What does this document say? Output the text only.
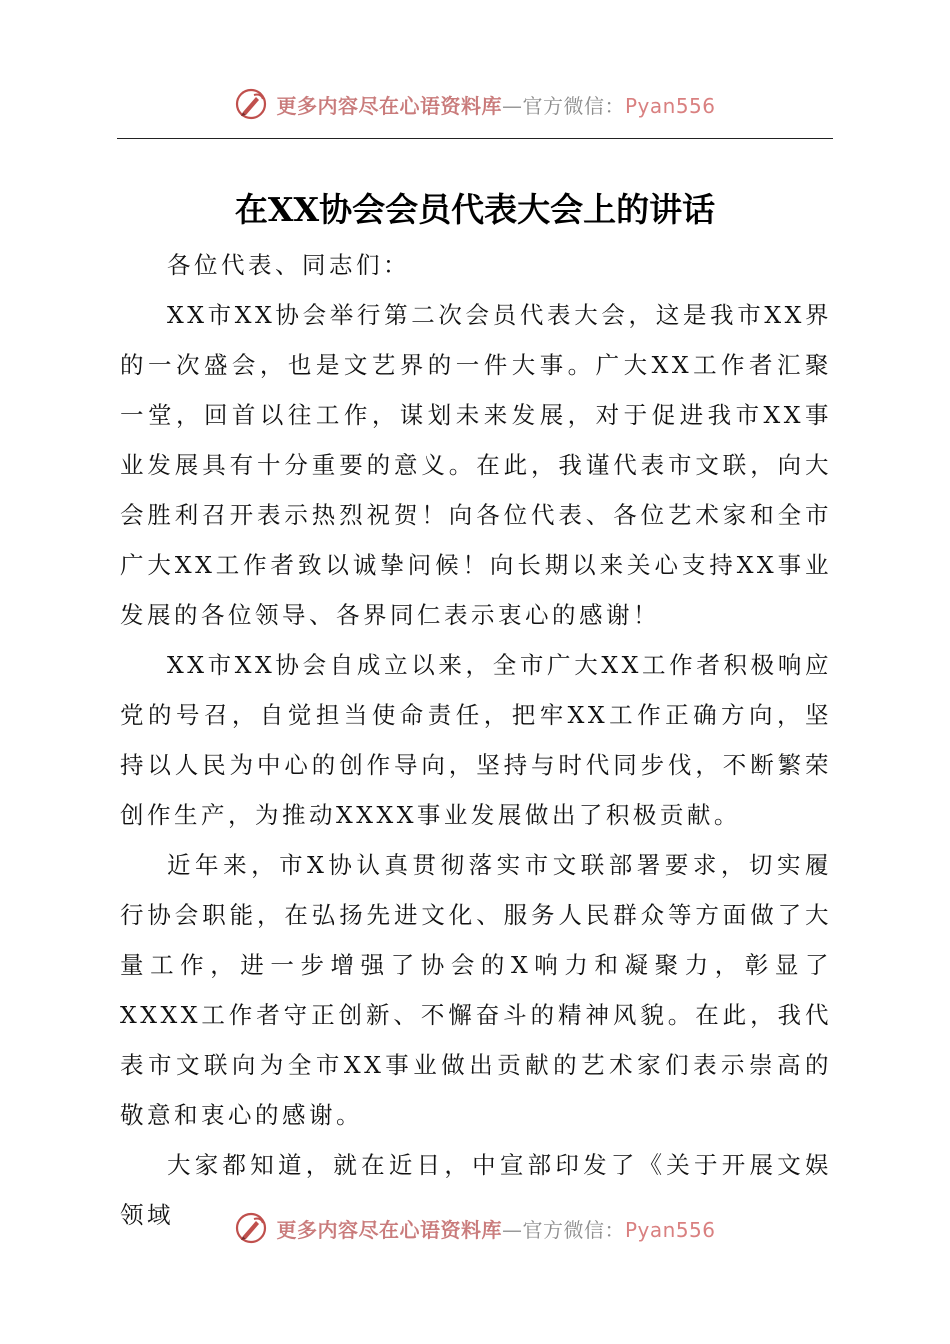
更多内容尽在心语资料库—官方微信：Pyan556
在XX协会会员代表大会上的讲话

各位代表、同志们：

XX市XX协会举行第二次会员代表大会，这是我市XX界的一次盛会，也是文艺界的一件大事。广大XX工作者汇聚一堂，回首以往工作，谋划未来发展，对于促进我市XX事业发展具有十分重要的意义。在此，我谨代表市文联，向大会胜利召开表示热烈祝贺！向各位代表、各位艺术家和全市广大XX工作者致以诚挚问候！向长期以来关心支持XX事业发展的各位领导、各界同仁表示衷心的感谢！

XX市XX协会自成立以来，全市广大XX工作者积极响应党的号召，自觉担当使命责任，把牢XX工作正确方向，坚持以人民为中心的创作导向，坚持与时代同步伐，不断繁荣创作生产，为推动XXXX事业发展做出了积极贡献。

近年来，市X协认真贯彻落实市文联部署要求，切实履行协会职能，在弘扬先进文化、服务人民群众等方面做了大量工作，进一步增强了协会的X响力和凝聚力，彰显了XXXX工作者守正创新、不懈奋斗的精神风貌。在此，我代表市文联向为全市XX事业做出贡献的艺术家们表示崇高的敬意和衷心的感谢。

大家都知道，就在近日，中宣部印发了《关于开展文娱领域

更多内容尽在心语资料库—官方微信：Pyan556
